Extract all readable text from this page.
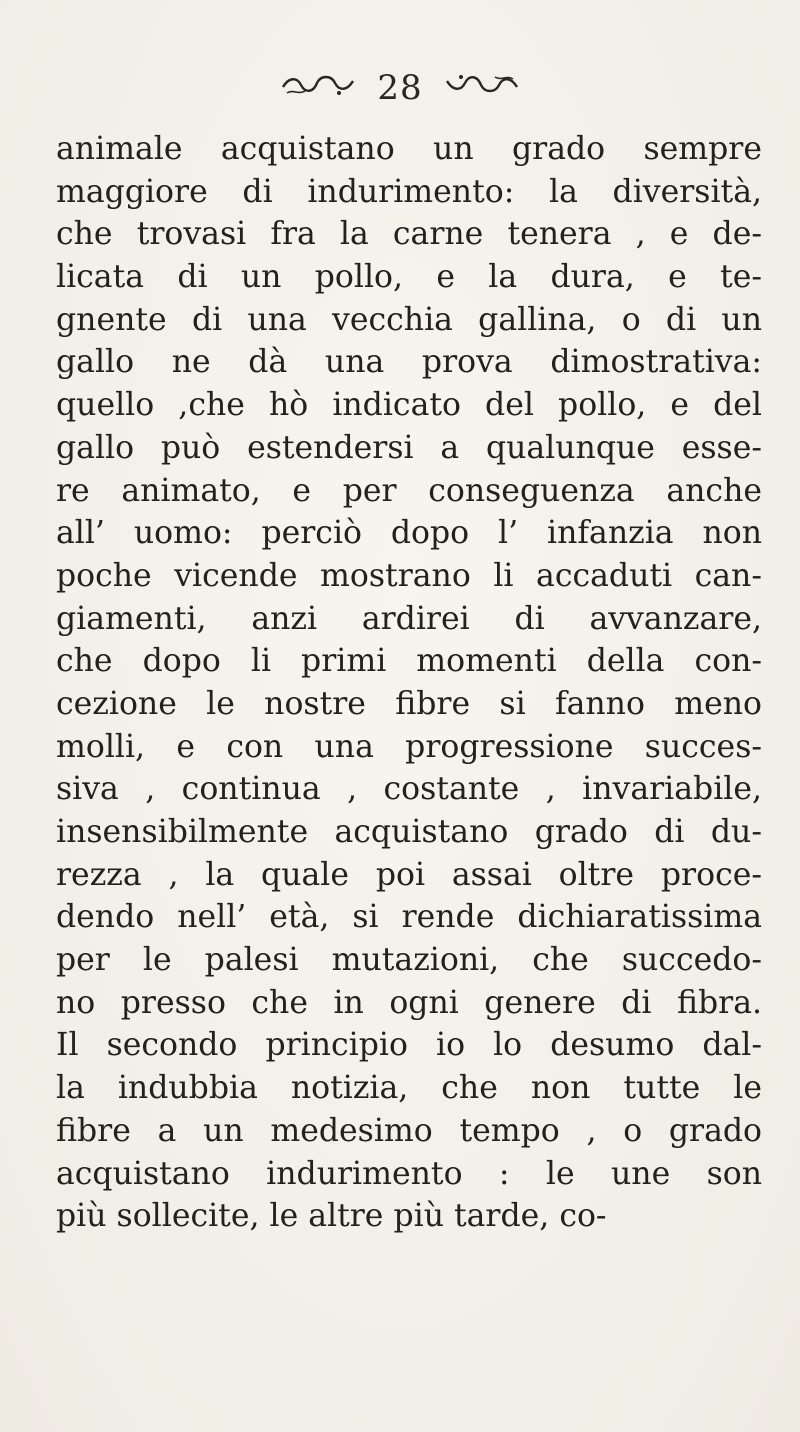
28
animale acquistano un grado sempre
maggiore di indurimento: la diversità,
che trovasi fra la carne tenera , e de-
licata di un pollo, e la dura, e te-
gnente di una vecchia gallina, o di un
gallo ne dà una prova dimostrativa:
quello ,che hò indicato del pollo, e del
gallo può estendersi a qualunque esse-
re animato, e per conseguenza anche
all’ uomo: perciò dopo l’ infanzia non
poche vicende mostrano li accaduti can-
giamenti, anzi ardirei di avvanzare,
che dopo li primi momenti della con-
cezione le nostre fibre si fanno meno
molli, e con una progressione succes-
siva , continua , costante , invariabile,
insensibilmente acquistano grado di du-
rezza , la quale poi assai oltre proce-
dendo nell’ età, si rende dichiaratissima
per le palesi mutazioni, che succedo-
no presso che in ogni genere di fibra.
Il secondo principio io lo desumo dal-
la indubbia notizia, che non tutte le
fibre a un medesimo tempo , o grado
acquistano indurimento : le une son
più sollecite, le altre più tarde, co-
